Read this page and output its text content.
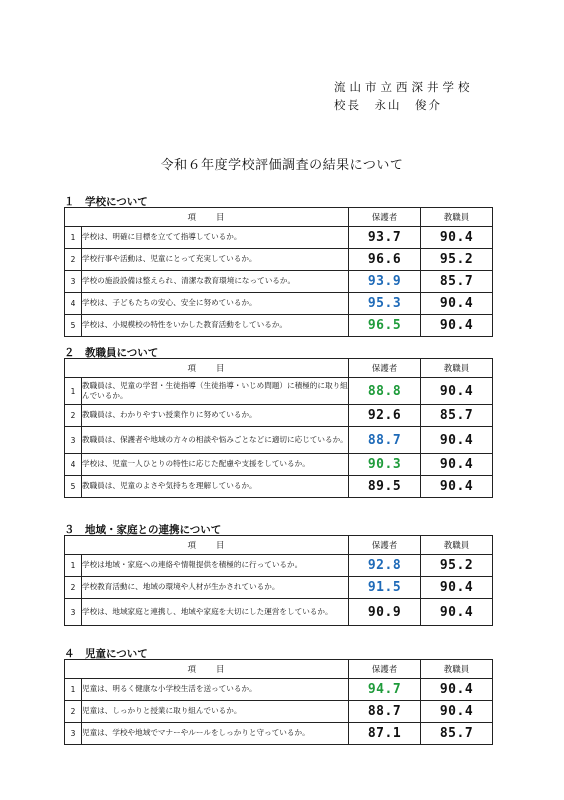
流山市立西深井学校
校長　永山　俊介
令和６年度学校評価調査の結果について
１　学校について
項　　目		保護者	教職員
1	学校は、明確に目標を立てて指導しているか。	93.7	90.4
2	学校行事や活動は、児童にとって充実しているか。	96.6	95.2
3	学校の施設設備は整えられ、清潔な教育環境になっているか。	93.9	85.7
4	学校は、子どもたちの安心、安全に努めているか。	95.3	90.4
5	学校は、小規模校の特性をいかした教育活動をしているか。	96.5	90.4
２　教職員について
項　　目		保護者	教職員
1	教職員は、児童の学習・生徒指導（生徒指導・いじめ問題）に積極的に取り組んでいるか。	88.8	90.4
2	教職員は、わかりやすい授業作りに努めているか。	92.6	85.7
3	教職員は、保護者や地域の方々の相談や悩みごとなどに適切に応じているか。	88.7	90.4
4	学校は、児童一人ひとりの特性に応じた配慮や支援をしているか。	90.3	90.4
5	教職員は、児童のよさや気持ちを理解しているか。	89.5	90.4
３　地域・家庭との連携について
項　　目		保護者	教職員
1	学校は地域・家庭への連絡や情報提供を積極的に行っているか。	92.8	95.2
2	学校教育活動に、地域の環境や人材が生かされているか。	91.5	90.4
3	学校は、地域家庭と連携し、地域や家庭を大切にした運営をしているか。	90.9	90.4
４　児童について
項　　目		保護者	教職員
1	児童は、明るく健康な小学校生活を送っているか。	94.7	90.4
2	児童は、しっかりと授業に取り組んでいるか。	88.7	90.4
3	児童は、学校や地域でマナーやルールをしっかりと守っているか。	87.1	85.7
